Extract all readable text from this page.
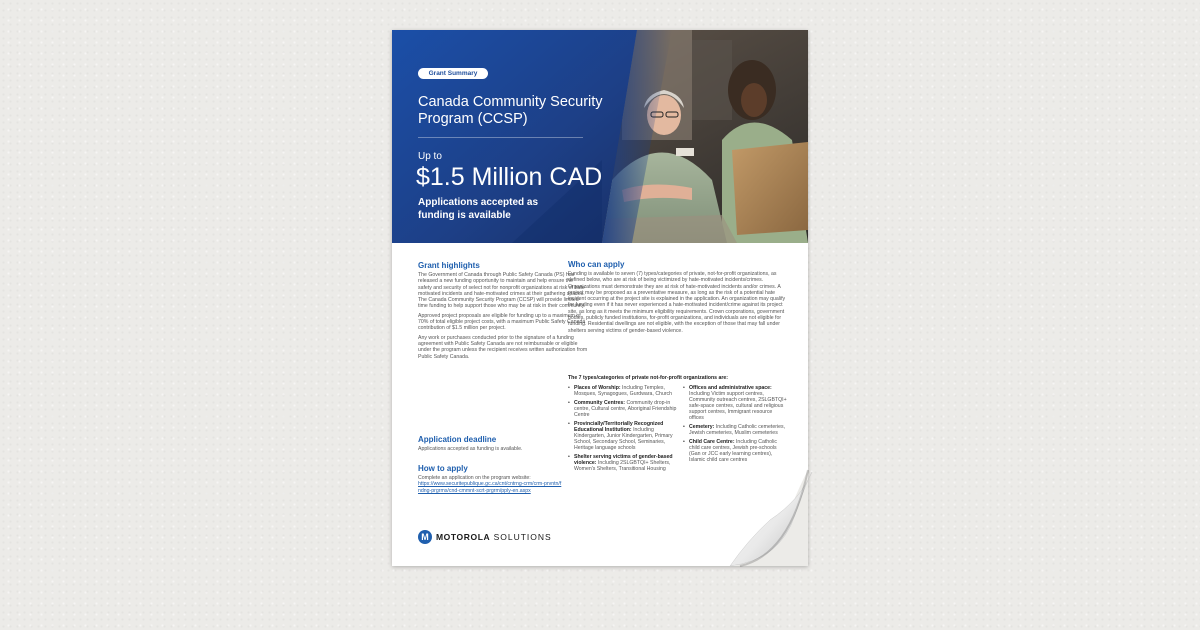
Grant Summary
Canada Community Security
Program (CCSP)
Up to
$1.5 Million CAD
Applications accepted as
funding is available
Grant highlights

The Government of Canada through Public Safety Canada (PS) has released a new funding opportunity to maintain and help ensure the safety and security of select not for nonprofit organizations at risk of hate-motivated incidents and hate-motivated crimes at their gathering spaces. The Canada Community Security Program (CCSP) will provide limited-time funding to help support those who may be at risk in their community.

Approved project proposals are eligible for funding up to a maximum of 70% of total eligible project costs, with a maximum Public Safety Canada contribution of $1.5 million per project.

Any work or purchases conducted prior to the signature of a funding agreement with Public Safety Canada are not reimbursable or eligible under the program unless the recipient receives written authorization from Public Safety Canada.

Application deadline

Applications accepted as funding is available.

How to apply

Complete an application on the program website:

https://www.securitepublique.gc.ca/cnt/cntrng-crm/crm-prvntn/fndng-prgrms/cnd-cmmnt-scrt-prgrm/pply-en.aspx
Who can apply

Funding is available to seven (7) types/categories of private, not-for-profit organizations, as defined below, who are at risk of being victimized by hate-motivated incidents/crimes. Organizations must demonstrate they are at risk of hate-motivated incidents and/or crimes. A project may be proposed as a preventative measure, as long as the risk of a potential hate incident occurring at the project site is explained in the application. An organization may qualify for funding even if it has never experienced a hate-motivated incident/crime against its project site, as long as it meets the minimum eligibility requirements. Crown corporations, government bodies, publicly funded institutions, for-profit organizations, and individuals are not eligible for funding. Residential dwellings are not eligible, with the exception of those that may fall under shelters serving victims of gender-based violence.

The 7 types/categories of private not-for-profit organizations are:

• Places of Worship: Including Temples, Mosques, Synagogues, Gurdwara, Church
• Community Centres: Community drop-in centre, Cultural centre, Aboriginal Friendship Centre
• Provincially/Territorially Recognized Educational Institution: Including Kindergarten, Junior Kindergarten, Primary School, Secondary School, Seminaries, Heritage language schools
• Shelter serving victims of gender-based violence: Including 2SLGBTQI+ Shelters, Women's Shelters, Transitional Housing
• Offices and administrative space: Including Victim support centres, Community outreach centres, 2SLGBTQI+ safe-space centres, cultural and religious support centres, Immigrant resource offices
• Cemetery: Including Catholic cemeteries, Jewish cemeteries, Muslim cemeteries
• Child Care Centre: Including Catholic child care centres, Jewish pre-schools (Gan or JCC early learning centres), Islamic child care centres
M MOTOROLA SOLUTIONS
